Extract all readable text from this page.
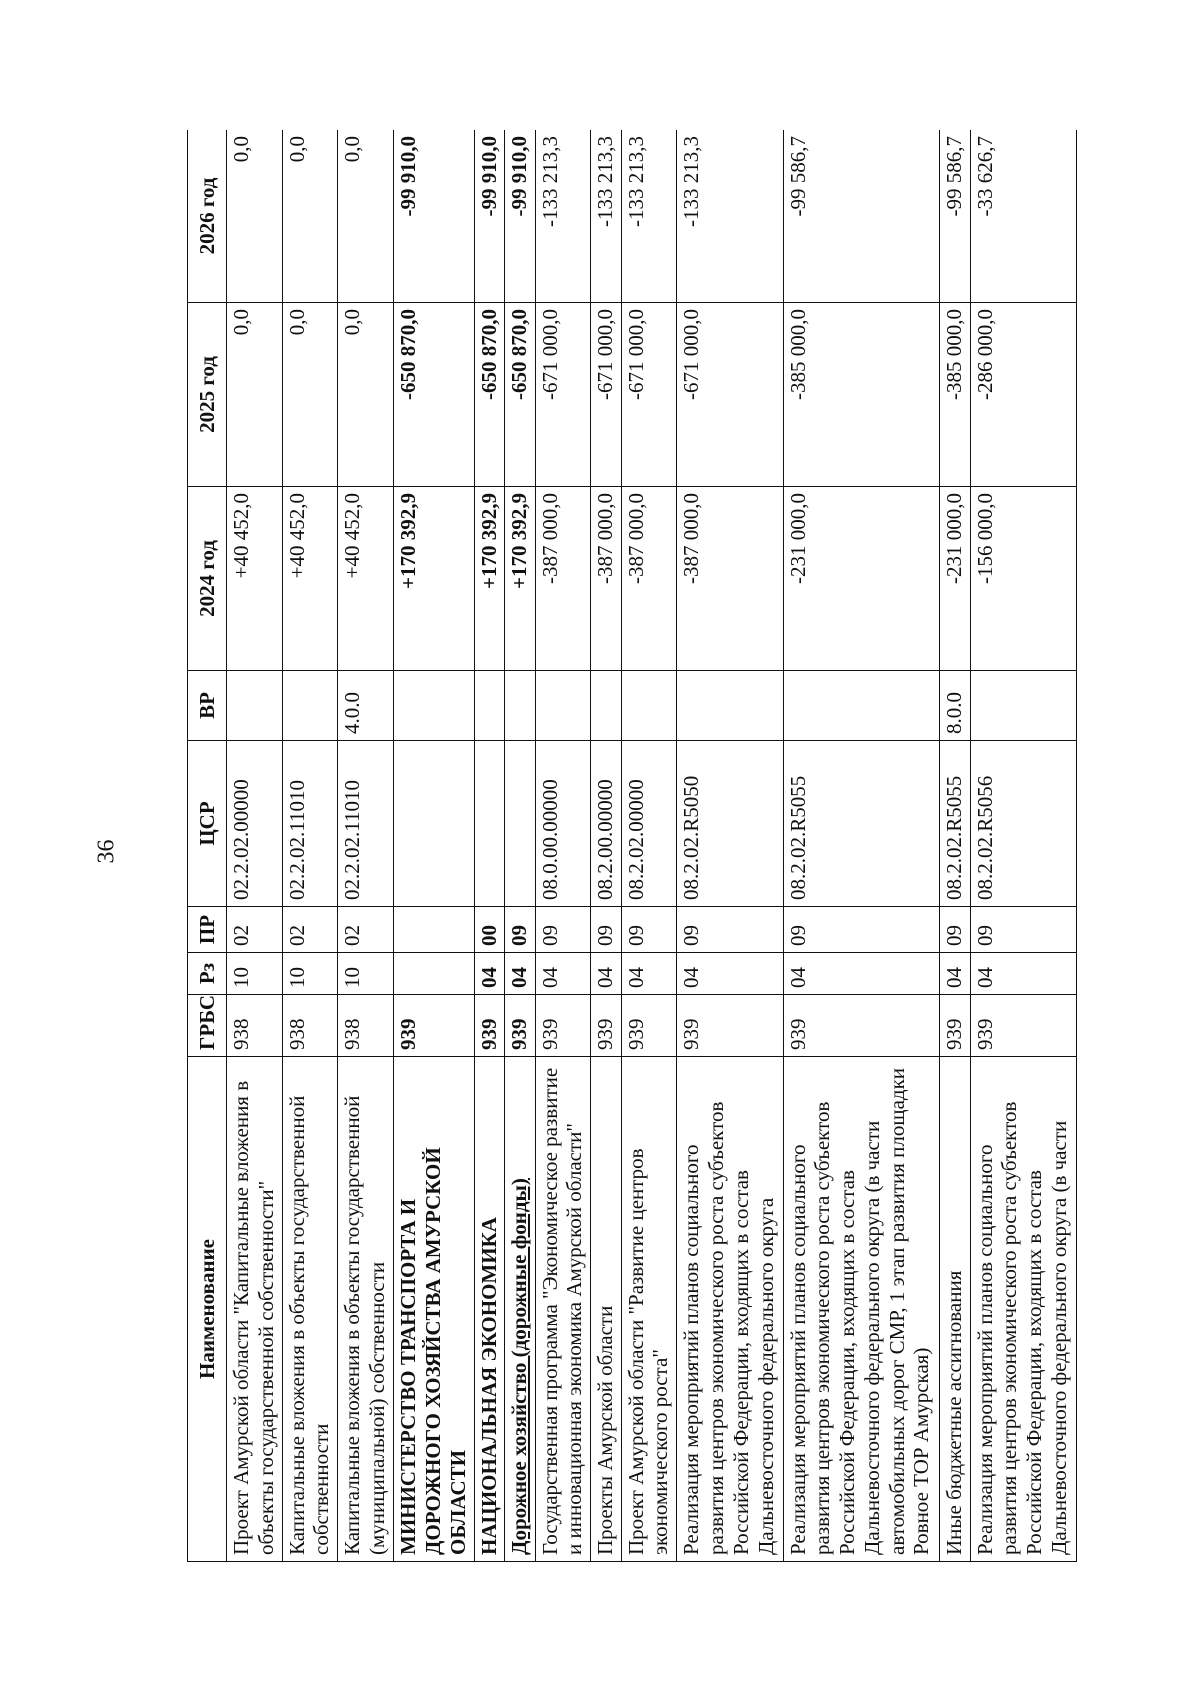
36
Наименование	ГРБС	Рз	ПР	ЦСР	ВР	2024 год	2025 год	2026 год
Проект Амурской области "Капитальные вложения в объекты государственной собственности"	938	10	02	02.2.02.00000		+40 452,0	0,0	0,0
Капитальные вложения в объекты государственной собственности	938	10	02	02.2.02.11010		+40 452,0	0,0	0,0
Капитальные вложения в объекты государственной (муниципальной) собственности	938	10	02	02.2.02.11010	4.0.0	+40 452,0	0,0	0,0
МИНИСТЕРСТВО ТРАНСПОРТА И ДОРОЖНОГО ХОЗЯЙСТВА АМУРСКОЙ ОБЛАСТИ	939					+170 392,9	-650 870,0	-99 910,0
НАЦИОНАЛЬНАЯ ЭКОНОМИКА	939	04	00			+170 392,9	-650 870,0	-99 910,0
Дорожное хозяйство (дорожные фонды)	939	04	09			+170 392,9	-650 870,0	-99 910,0
Государственная программа "Экономическое развитие и инновационная экономика Амурской области"	939	04	09	08.0.00.00000		-387 000,0	-671 000,0	-133 213,3
Проекты Амурской области	939	04	09	08.2.00.00000		-387 000,0	-671 000,0	-133 213,3
Проект Амурской области "Развитие центров экономического роста"	939	04	09	08.2.02.00000		-387 000,0	-671 000,0	-133 213,3
Реализация мероприятий планов социального развития центров экономического роста субъектов Российской Федерации, входящих в состав Дальневосточного федерального округа	939	04	09	08.2.02.R5050		-387 000,0	-671 000,0	-133 213,3
Реализация мероприятий планов социального развития центров экономического роста субъектов Российской Федерации, входящих в состав Дальневосточного федерального округа (в части автомобильных дорог СМР, 1 этап развития площадки Ровное ТОР Амурская)	939	04	09	08.2.02.R5055		-231 000,0	-385 000,0	-99 586,7
Иные бюджетные ассигнования	939	04	09	08.2.02.R5055	8.0.0	-231 000,0	-385 000,0	-99 586,7
Реализация мероприятий планов социального развития центров экономического роста субъектов Российской Федерации, входящих в состав Дальневосточного федерального округа (в части	939	04	09	08.2.02.R5056		-156 000,0	-286 000,0	-33 626,7
